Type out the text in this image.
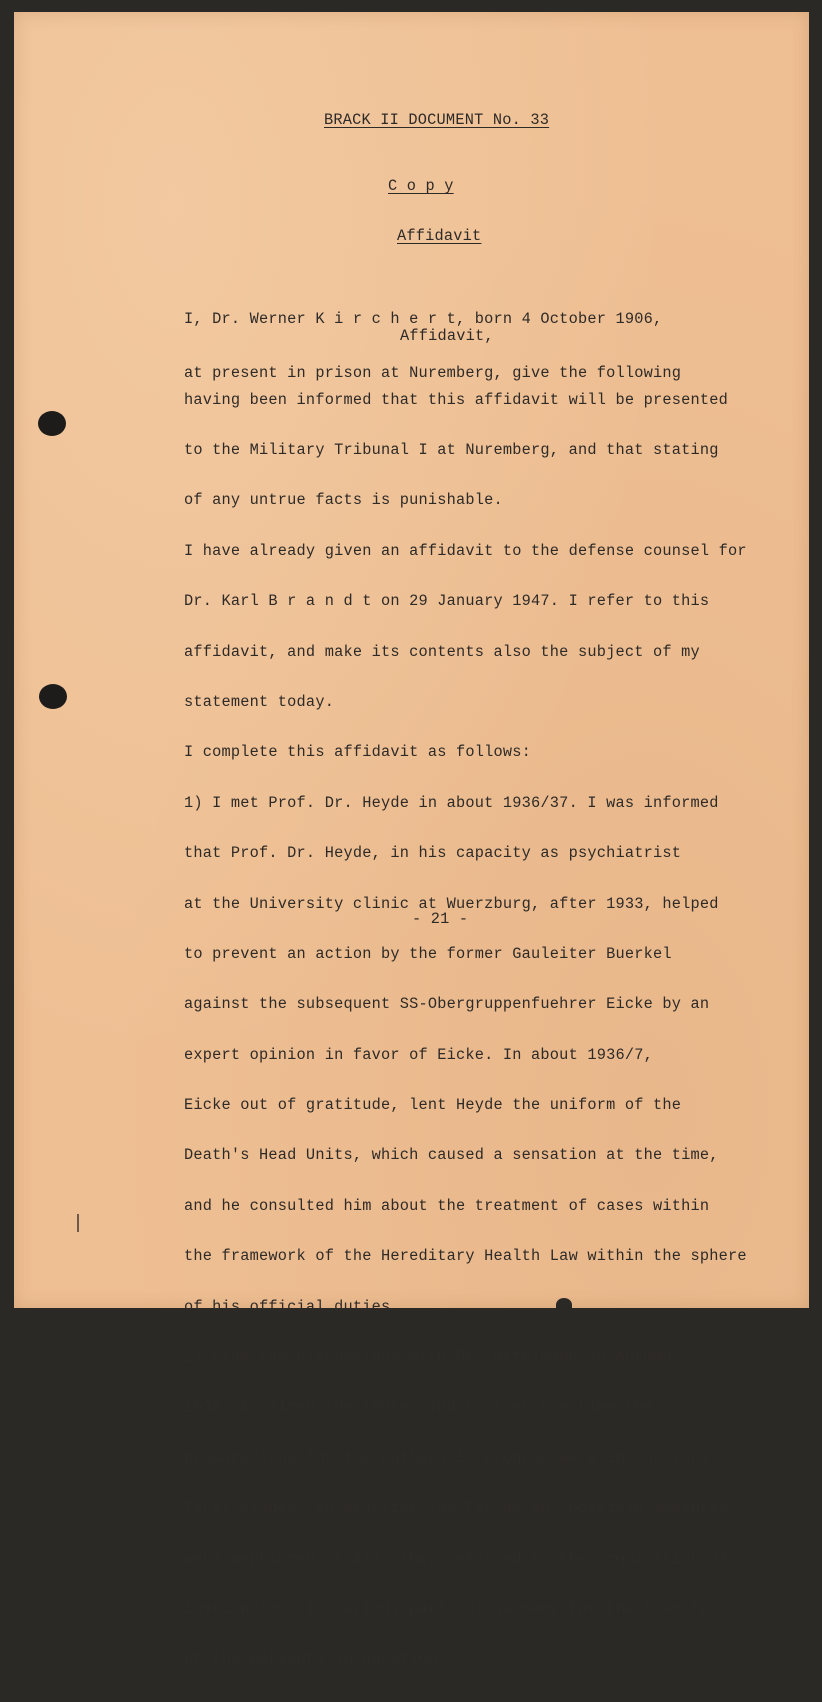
BRACK II DOCUMENT No. 33
C o p y
Affidavit

I, Dr. Werner K i r c h e r t, born 4 October 1906,

at present in prison at Nuremberg, give the following

Affidavit,

having been informed that this affidavit will be presented

to the Military Tribunal I at Nuremberg, and that stating

of any untrue facts is punishable.

I have already given an affidavit to the defense counsel for

Dr. Karl B r a n d t on 29 January 1947. I refer to this

affidavit, and make its contents also the subject of my

statement today.

I complete this affidavit as follows:

1) I met Prof. Dr. Heyde in about 1936/37. I was informed

that Prof. Dr. Heyde, in his capacity as psychiatrist

at the University clinic at Wuerzburg, after 1933, helped

to prevent an action by the former Gauleiter Buerkel

against the subsequent SS-Obergruppenfuehrer Eicke by an

expert opinion in favor of Eicke. In about 1936/7,

Eicke out of gratitude, lent Heyde the uniform of the

Death's Head Units, which caused a sensation at the time,

and he consulted him about the treatment of cases within

the framework of the Hereditary Health Law within the sphere

of his official duties.

2) From the discussions with Dr. Hefelmann in Autumn,

1939, I gained the impression that at the time the

preparations for the euthanasia program were in the very

first stages. In practice, as far as any possible measures

were mentioned at all, they referred to the acquisition of

institutions in various parts of Germany for the transfer

of the patients in question.

- 21 -
